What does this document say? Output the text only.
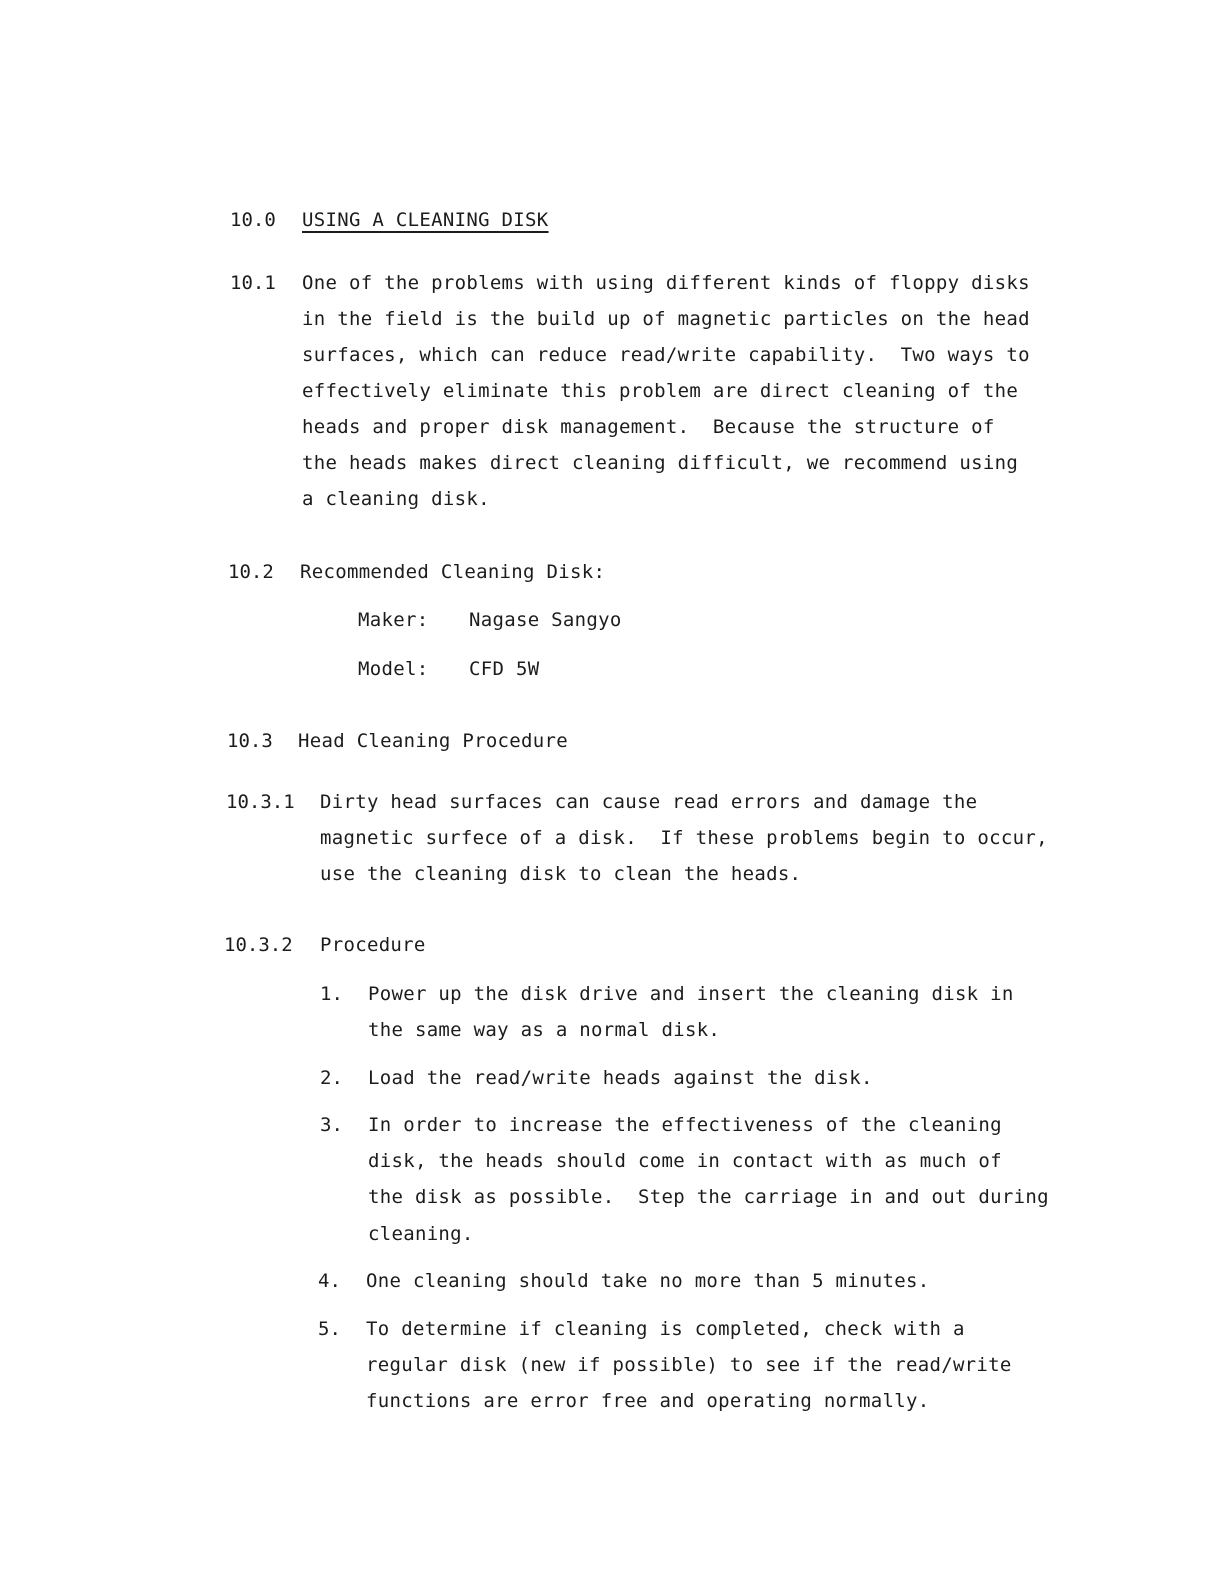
10.0 USING A CLEANING DISK
10.1 One of the problems with using different kinds of floppy disks
in the field is the build up of magnetic particles on the head
surfaces, which can reduce read/write capability.  Two ways to
effectively eliminate this problem are direct cleaning of the
heads and proper disk management.  Because the structure of
the heads makes direct cleaning difficult, we recommend using
a cleaning disk.
10.2 Recommended Cleaning Disk:
Maker: Nagase Sangyo
Model: CFD 5W
10.3 Head Cleaning Procedure
10.3.1 Dirty head surfaces can cause read errors and damage the
magnetic surfece of a disk.  If these problems begin to occur,
use the cleaning disk to clean the heads.
10.3.2 Procedure
1. Power up the disk drive and insert the cleaning disk in
the same way as a normal disk.
2. Load the read/write heads against the disk.
3. In order to increase the effectiveness of the cleaning
disk, the heads should come in contact with as much of
the disk as possible.  Step the carriage in and out during
cleaning.
4. One cleaning should take no more than 5 minutes.
5. To determine if cleaning is completed, check with a
regular disk (new if possible) to see if the read/write
functions are error free and operating normally.
